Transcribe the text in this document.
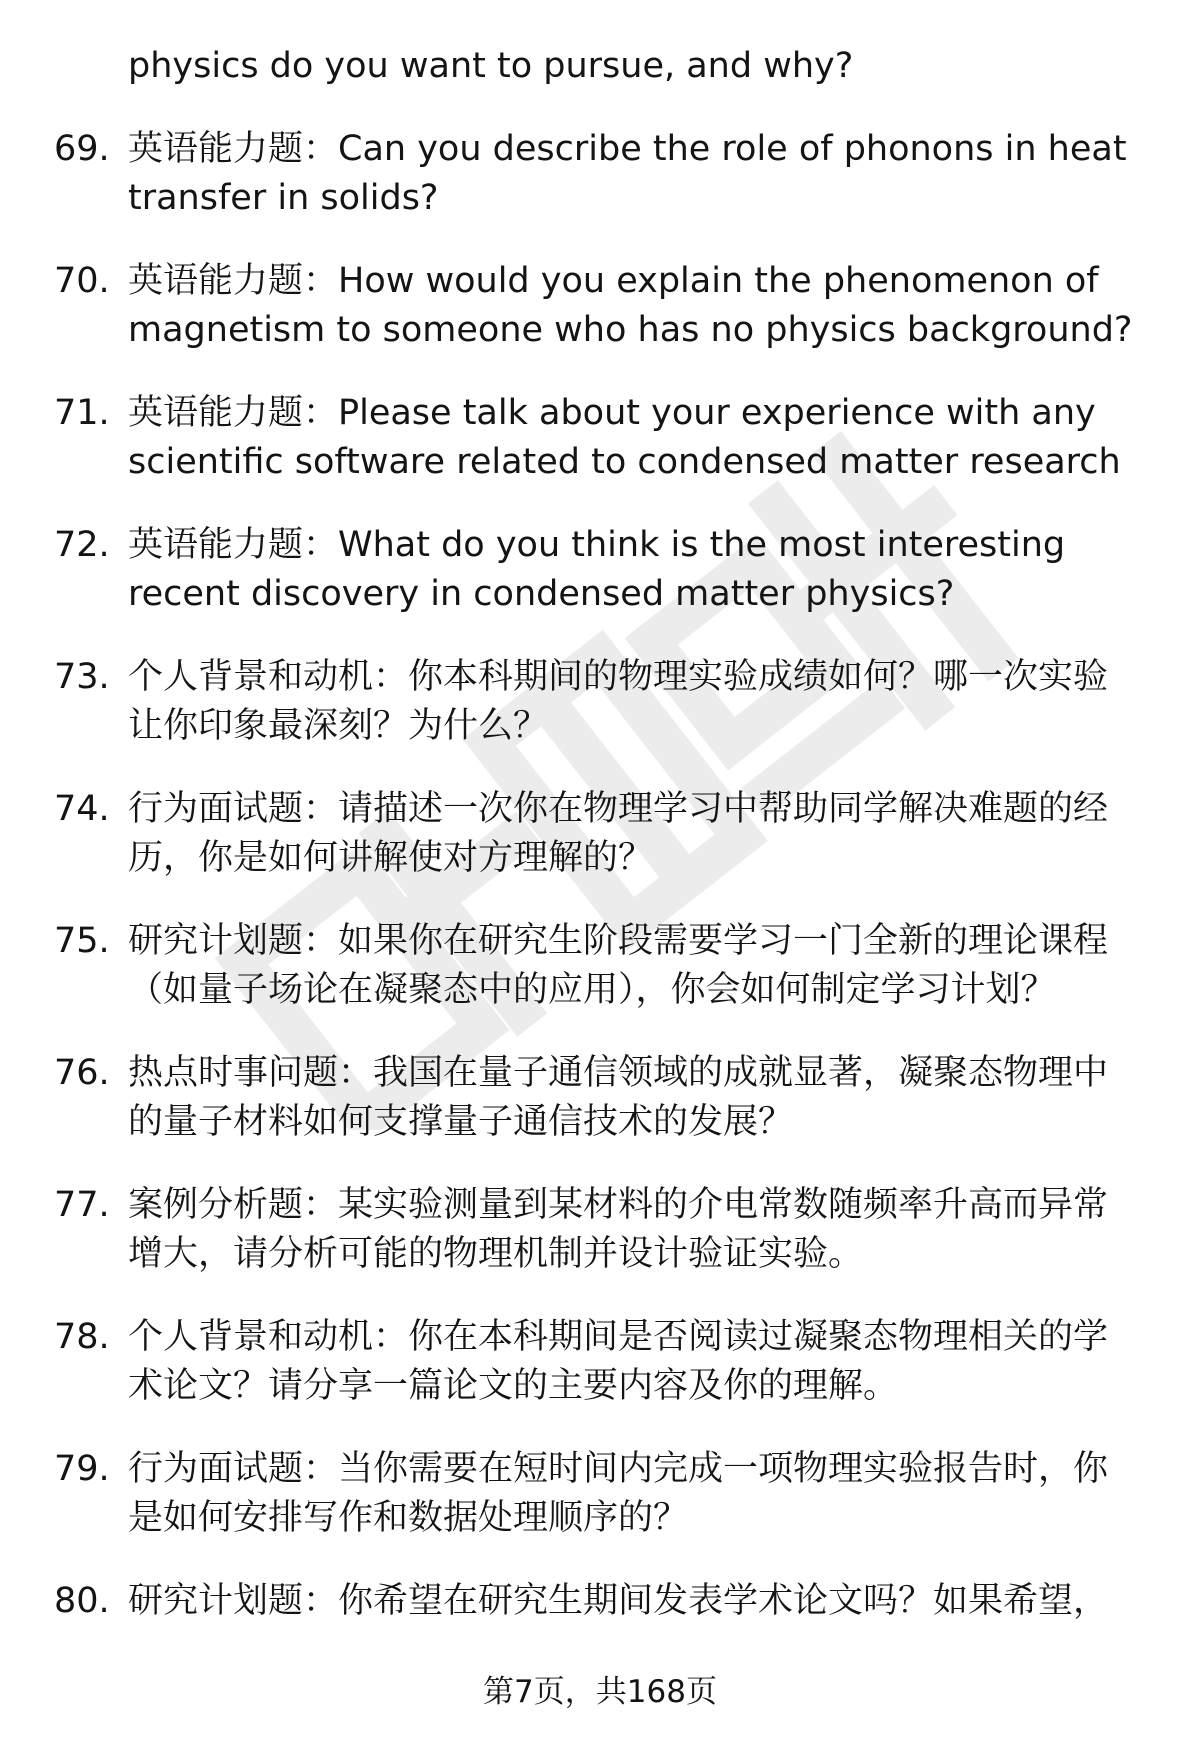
physics do you want to pursue, and why?
69. 英语能力题：Can you describe the role of phonons in heat
transfer in solids?
70. 英语能力题：How would you explain the phenomenon of
magnetism to someone who has no physics background?
71. 英语能力题：Please talk about your experience with any
scientific software related to condensed matter research
72. 英语能力题：What do you think is the most interesting
recent discovery in condensed matter physics?
73. 个人背景和动机：你本科期间的物理实验成绩如何？哪一次实验
让你印象最深刻？为什么？
74. 行为面试题：请描述一次你在物理学习中帮助同学解决难题的经
历，你是如何讲解使对方理解的？
75. 研究计划题：如果你在研究生阶段需要学习一门全新的理论课程
（如量子场论在凝聚态中的应用），你会如何制定学习计划？
76. 热点时事问题：我国在量子通信领域的成就显著，凝聚态物理中
的量子材料如何支撑量子通信技术的发展？
77. 案例分析题：某实验测量到某材料的介电常数随频率升高而异常
增大，请分析可能的物理机制并设计验证实验。
78. 个人背景和动机：你在本科期间是否阅读过凝聚态物理相关的学
术论文？请分享一篇论文的主要内容及你的理解。
79. 行为面试题：当你需要在短时间内完成一项物理实验报告时，你
是如何安排写作和数据处理顺序的？
80. 研究计划题：你希望在研究生期间发表学术论文吗？如果希望，
第7页，共168页
